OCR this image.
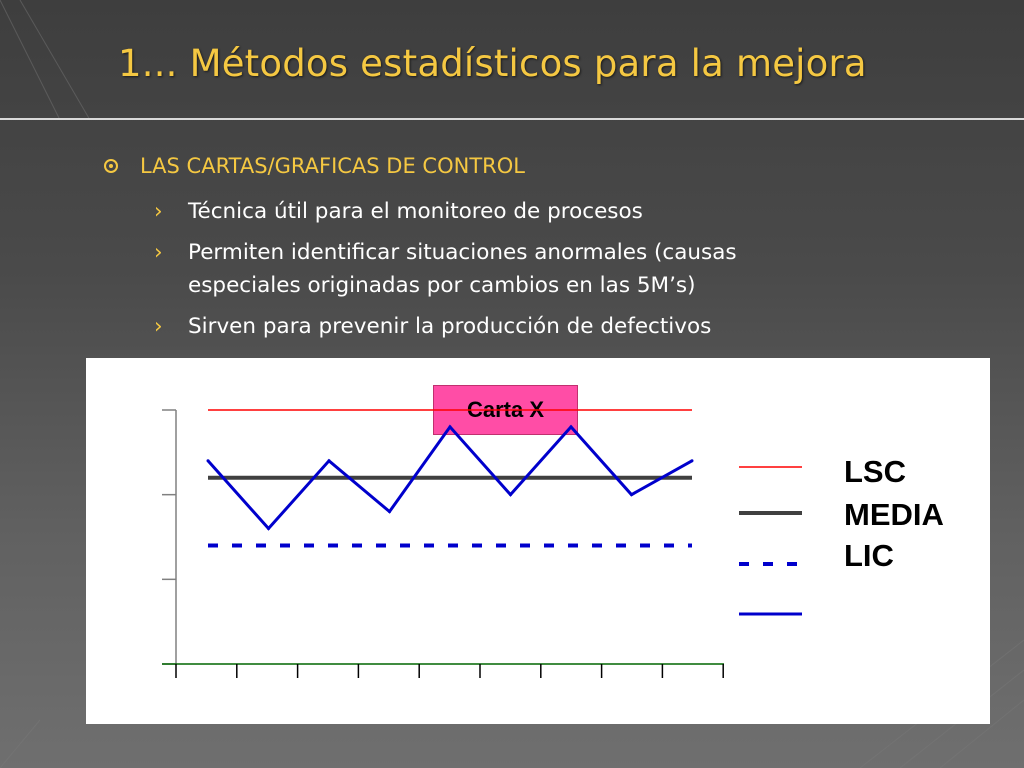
1... Métodos estadísticos para la mejora
LAS CARTAS/GRAFICAS DE CONTROL
›	Técnica útil para el monitoreo de procesos
›	Permiten identificar situaciones anormales (causas especiales originadas por cambios en las 5M’s)
›	Sirven para prevenir la producción de defectivos
Carta X
LSC
MEDIA
LIC
